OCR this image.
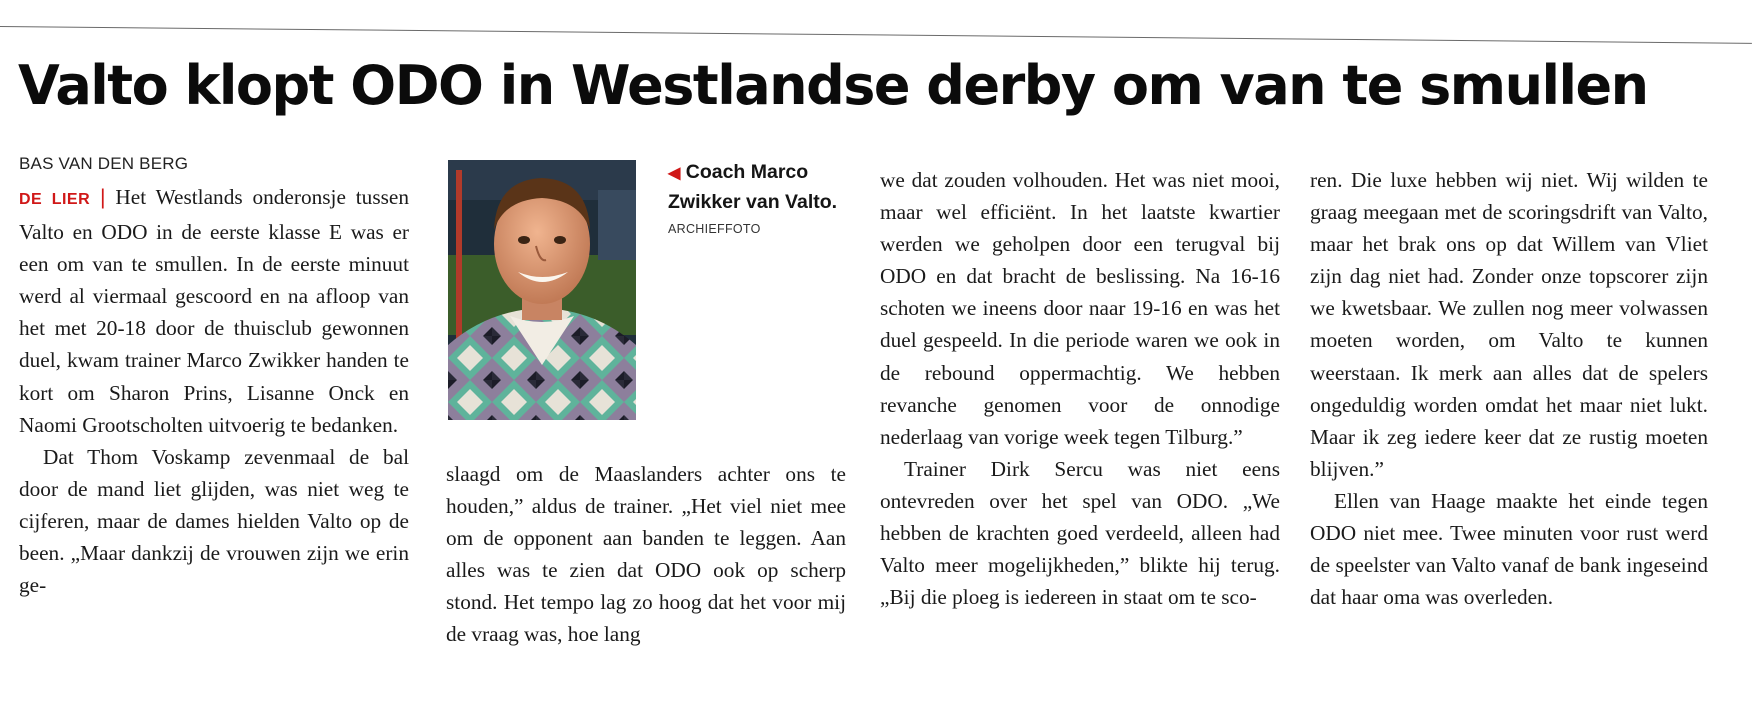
Valto klopt ODO in Westlandse derby om van te smullen
BAS VAN DEN BERG

DE LIER | Het Westlands onderonsje tussen Valto en ODO in de eerste klasse E was er een om van te smullen. In de eerste minuut werd al viermaal gescoord en na afloop van het met 20-18 door de thuisclub gewonnen duel, kwam trainer Marco Zwikker handen te kort om Sharon Prins, Lisanne Onck en Naomi Grootscholten uitvoerig te bedanken.

Dat Thom Voskamp zevenmaal de bal door de mand liet glijden, was niet weg te cijferen, maar de dames hielden Valto op de been. „Maar dankzij de vrouwen zijn we erin ge-

◀ Coach Marco Zwikker van Valto.
ARCHIEFFOTO

slaagd om de Maaslanders achter ons te houden,” aldus de trainer. „Het viel niet mee om de opponent aan banden te leggen. Aan alles was te zien dat ODO ook op scherp stond. Het tempo lag zo hoog dat het voor mij de vraag was, hoe lang

we dat zouden volhouden. Het was niet mooi, maar wel efficiënt. In het laatste kwartier werden we geholpen door een terugval bij ODO en dat bracht de beslissing. Na 16-16 schoten we ineens door naar 19-16 en was het duel gespeeld. In die periode waren we ook in de rebound oppermachtig. We hebben revanche genomen voor de onnodige nederlaag van vorige week tegen Tilburg.”

Trainer Dirk Sercu was niet eens ontevreden over het spel van ODO. „We hebben de krachten goed verdeeld, alleen had Valto meer mogelijkheden,” blikte hij terug. „Bij die ploeg is iedereen in staat om te sco-

ren. Die luxe hebben wij niet. Wij wilden te graag meegaan met de scoringsdrift van Valto, maar het brak ons op dat Willem van Vliet zijn dag niet had. Zonder onze topscorer zijn we kwetsbaar. We zullen nog meer volwassen moeten worden, om Valto te kunnen weerstaan. Ik merk aan alles dat de spelers ongeduldig worden omdat het maar niet lukt. Maar ik zeg iedere keer dat ze rustig moeten blijven.”

Ellen van Haage maakte het einde tegen ODO niet mee. Twee minuten voor rust werd de speelster van Valto vanaf de bank ingeseind dat haar oma was overleden.
